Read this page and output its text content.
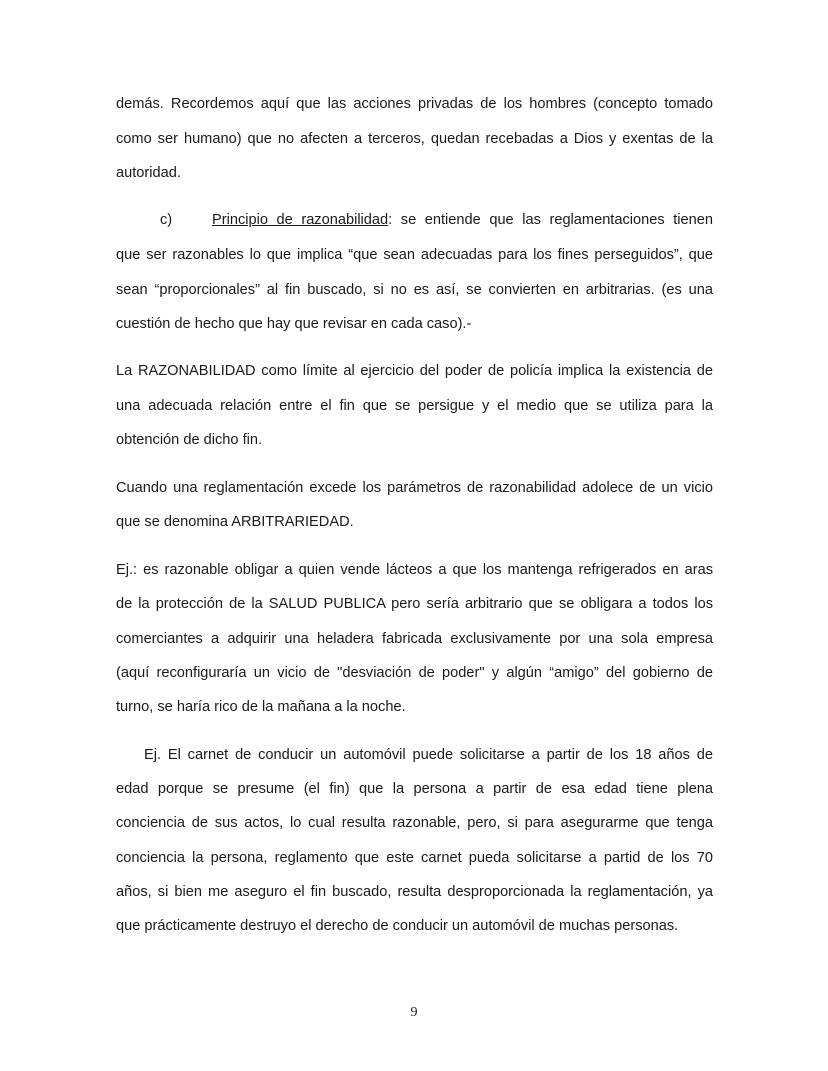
demás. Recordemos aquí que las acciones privadas de los hombres (concepto tomado
como ser humano) que no afecten a terceros, quedan recebadas a Dios y exentas de la
autoridad.
c)	Principio de razonabilidad: se entiende que las reglamentaciones tienen
que ser razonables lo que implica “que sean adecuadas para los fines perseguidos”, que
sean “proporcionales” al fin buscado, si no es así, se convierten en arbitrarias. (es una
cuestión de hecho que hay que revisar en cada caso).-
La RAZONABILIDAD como límite al ejercicio del poder de policía implica la existencia de
una adecuada relación entre el fin que se persigue y el medio que se utiliza para la
obtención de dicho fin.
Cuando una reglamentación excede los parámetros de razonabilidad adolece de un vicio
que se denomina ARBITRARIEDAD.
Ej.: es razonable obligar a quien vende lácteos a que los mantenga refrigerados en aras
de la protección de la SALUD PUBLICA pero sería arbitrario que se obligara a todos los
comerciantes a adquirir una heladera fabricada exclusivamente por una sola empresa
(aquí reconfiguraría un vicio de "desviación de poder" y algún “amigo” del gobierno de
turno, se haría rico de la mañana a la noche.
Ej. El carnet de conducir un automóvil puede solicitarse a partir de los 18 años de
edad porque se presume (el fin) que la persona a partir de esa edad tiene plena
conciencia de sus actos, lo cual resulta razonable, pero, si para asegurarme que tenga
conciencia la persona, reglamento que este carnet pueda solicitarse a partid de los 70
años, si bien me aseguro el fin buscado, resulta desproporcionada la reglamentación, ya
que prácticamente destruyo el derecho de conducir un automóvil de muchas personas.
9
